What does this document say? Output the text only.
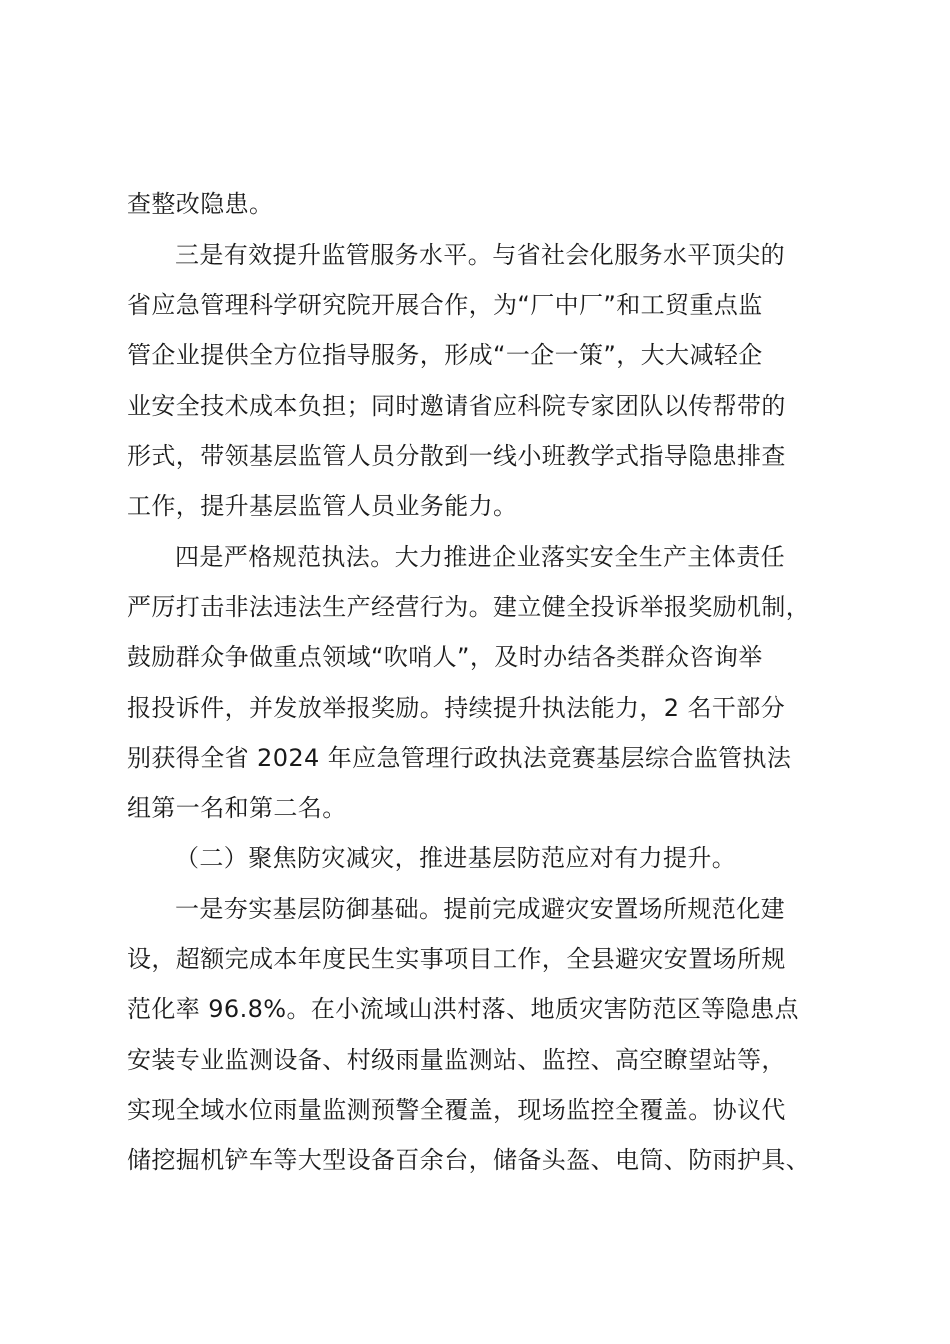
查整改隐患。
三是有效提升监管服务水平。与省社会化服务水平顶尖的
省应急管理科学研究院开展合作，为“厂中厂”和工贸重点监
管企业提供全方位指导服务，形成“一企一策”，大大减轻企
业安全技术成本负担；同时邀请省应科院专家团队以传帮带的
形式，带领基层监管人员分散到一线小班教学式指导隐患排查
工作，提升基层监管人员业务能力。
四是严格规范执法。大力推进企业落实安全生产主体责任
严厉打击非法违法生产经营行为。建立健全投诉举报奖励机制，
鼓励群众争做重点领域“吹哨人”，及时办结各类群众咨询举
报投诉件，并发放举报奖励。持续提升执法能力，2 名干部分
别获得全省 2024 年应急管理行政执法竞赛基层综合监管执法
组第一名和第二名。
（二）聚焦防灾减灾，推进基层防范应对有力提升。
一是夯实基层防御基础。提前完成避灾安置场所规范化建
设，超额完成本年度民生实事项目工作，全县避灾安置场所规
范化率 96.8%。在小流域山洪村落、地质灾害防范区等隐患点
安装专业监测设备、村级雨量监测站、监控、高空瞭望站等，
实现全域水位雨量监测预警全覆盖，现场监控全覆盖。协议代
储挖掘机铲车等大型设备百余台，储备头盔、电筒、防雨护具、
